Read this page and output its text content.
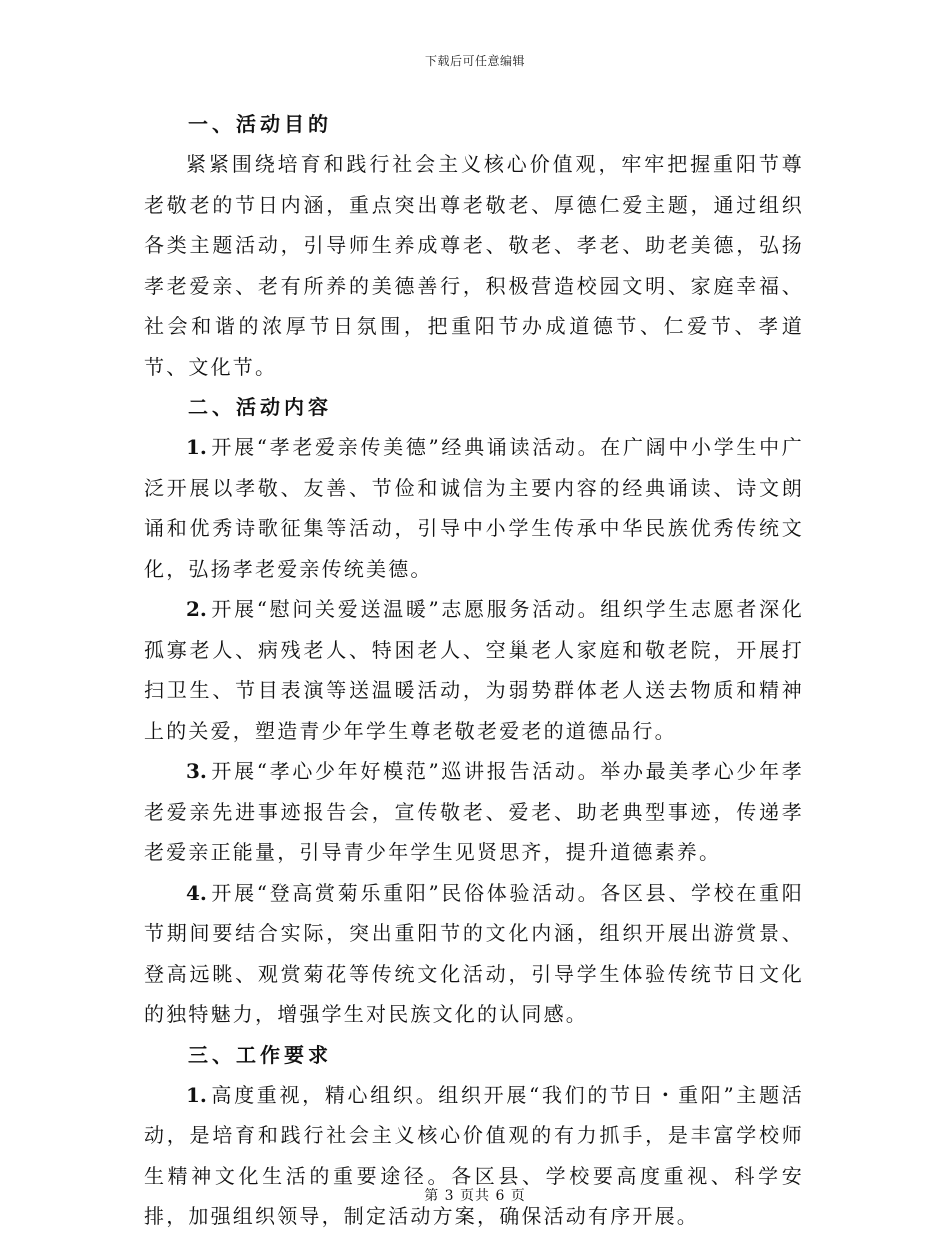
下载后可任意编辑
一、活动目的

紧紧围绕培育和践行社会主义核心价值观，牢牢把握重阳节尊老敬老的节日内涵，重点突出尊老敬老、厚德仁爱主题，通过组织各类主题活动，引导师生养成尊老、敬老、孝老、助老美德，弘扬孝老爱亲、老有所养的美德善行，积极营造校园文明、家庭幸福、社会和谐的浓厚节日氛围，把重阳节办成道德节、仁爱节、孝道节、文化节。

二、活动内容

1. 开展“孝老爱亲传美德”经典诵读活动。在广阔中小学生中广泛开展以孝敬、友善、节俭和诚信为主要内容的经典诵读、诗文朗诵和优秀诗歌征集等活动，引导中小学生传承中华民族优秀传统文化，弘扬孝老爱亲传统美德。

2. 开展“慰问关爱送温暖”志愿服务活动。组织学生志愿者深化孤寡老人、病残老人、特困老人、空巢老人家庭和敬老院，开展打扫卫生、节目表演等送温暖活动，为弱势群体老人送去物质和精神上的关爱，塑造青少年学生尊老敬老爱老的道德品行。

3. 开展“孝心少年好模范”巡讲报告活动。举办最美孝心少年孝老爱亲先进事迹报告会，宣传敬老、爱老、助老典型事迹，传递孝老爱亲正能量，引导青少年学生见贤思齐，提升道德素养。

4. 开展“登高赏菊乐重阳”民俗体验活动。各区县、学校在重阳节期间要结合实际，突出重阳节的文化内涵，组织开展出游赏景、登高远眺、观赏菊花等传统文化活动，引导学生体验传统节日文化的独特魅力，增强学生对民族文化的认同感。

三、工作要求

1. 高度重视，精心组织。组织开展“我们的节日・重阳”主题活动，是培育和践行社会主义核心价值观的有力抓手，是丰富学校师生精神文化生活的重要途径。各区县、学校要高度重视、科学安排，加强组织领导，制定活动方案，确保活动有序开展。

第 3 页共 6 页
